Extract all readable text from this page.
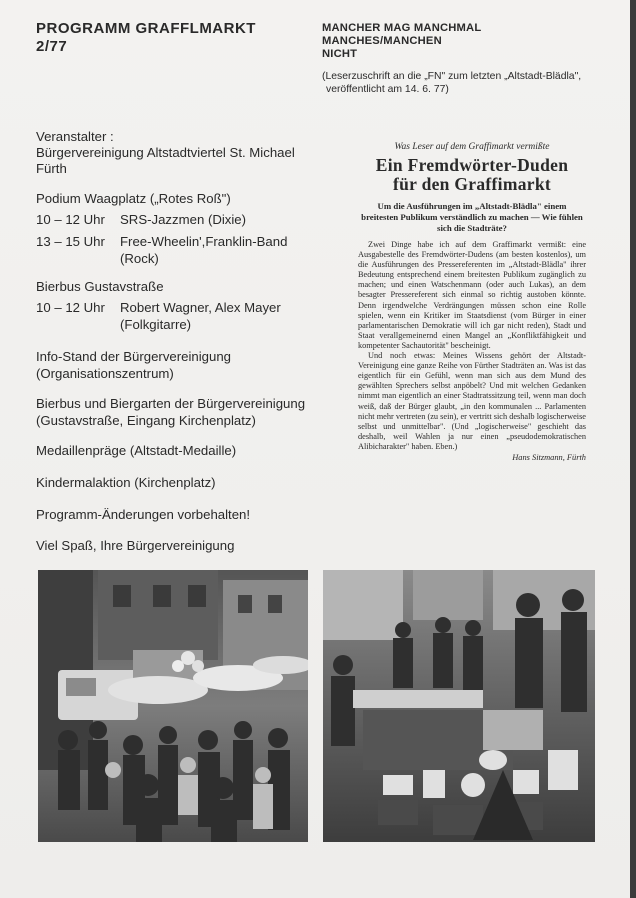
PROGRAMM GRAFFLMARKT

2/77

Veranstalter :

Bürgervereinigung Altstadtviertel St. Michael

Fürth

Podium Waagplatz („Rotes Roß")

10 – 12 Uhr SRS-Jazzmen (Dixie)
13 – 15 Uhr Free-Wheelin',Franklin-Band
(Rock)

Bierbus Gustavstraße

10 – 12 Uhr Robert Wagner, Alex Mayer
(Folkgitarre)

Info-Stand der Bürgervereinigung

(Organisationszentrum)

Bierbus und Biergarten der Bürgervereinigung

(Gustavstraße, Eingang Kirchenplatz)

Medaillenpräge (Altstadt-Medaille)

Kindermalaktion (Kirchenplatz)

Programm-Änderungen vorbehalten!

Viel Spaß, Ihre Bürgervereinigung

MANCHER MAG MANCHMAL MANCHES/MANCHEN

NICHT

(Leserzuschrift an die „FN" zum letzten „Altstadt-Blädla",

veröffentlicht am 14. 6. 77)

Was Leser auf dem Graffimarkt vermißte

Ein Fremdwörter-Duden
für den Graffimarkt

Um die Ausführungen im „Altstadt-Blädla" einem breitesten Publikum verständlich zu machen — Wie fühlen sich die Stadträte?

Zwei Dinge habe ich auf dem Graffimarkt vermißt: eine Ausgabestelle des Fremdwörter-Dudens (am besten kostenlos), um die Ausführungen des Pressereferenten im „Altstadt-Blädla" ihrer Bedeutung entsprechend einem breitesten Publikum zugänglich zu machen; und einen Watschenmann (oder auch Lukas), an dem besagter Pressereferent sich einmal so richtig austoben könnte. Denn irgendwelche Verdrängungen müssen schon eine Rolle spielen, wenn ein Kritiker im Staatsdienst (vom Bürger in einer parlamentarischen Demokratie will ich gar nicht reden), Stadt und Staat verallgemeinernd einen Mangel an „Konfliktfähigkeit und kompetenter Sachautorität" bescheinigt.

Und noch etwas: Meines Wissens gehört der Altstadt-Vereinigung eine ganze Reihe von Fürther Stadträten an. Was ist das eigentlich für ein Gefühl, wenn man sich aus dem Mund des gewählten Sprechers selbst anpöbelt? Und mit welchen Gedanken nimmt man eigentlich an einer Stadtratssitzung teil, wenn man doch weiß, daß der Bürger glaubt, „in den kommunalen ... Parlamenten nicht mehr vertreten (zu sein), er vertritt sich deshalb logischerweise selbst und unmittelbar". (Und „logischerweise" geschieht das deshalb, weil Wahlen ja nur einen „pseudodemokratischen Alibicharakter" haben. Eben.)

Hans Sitzmann, Fürth
